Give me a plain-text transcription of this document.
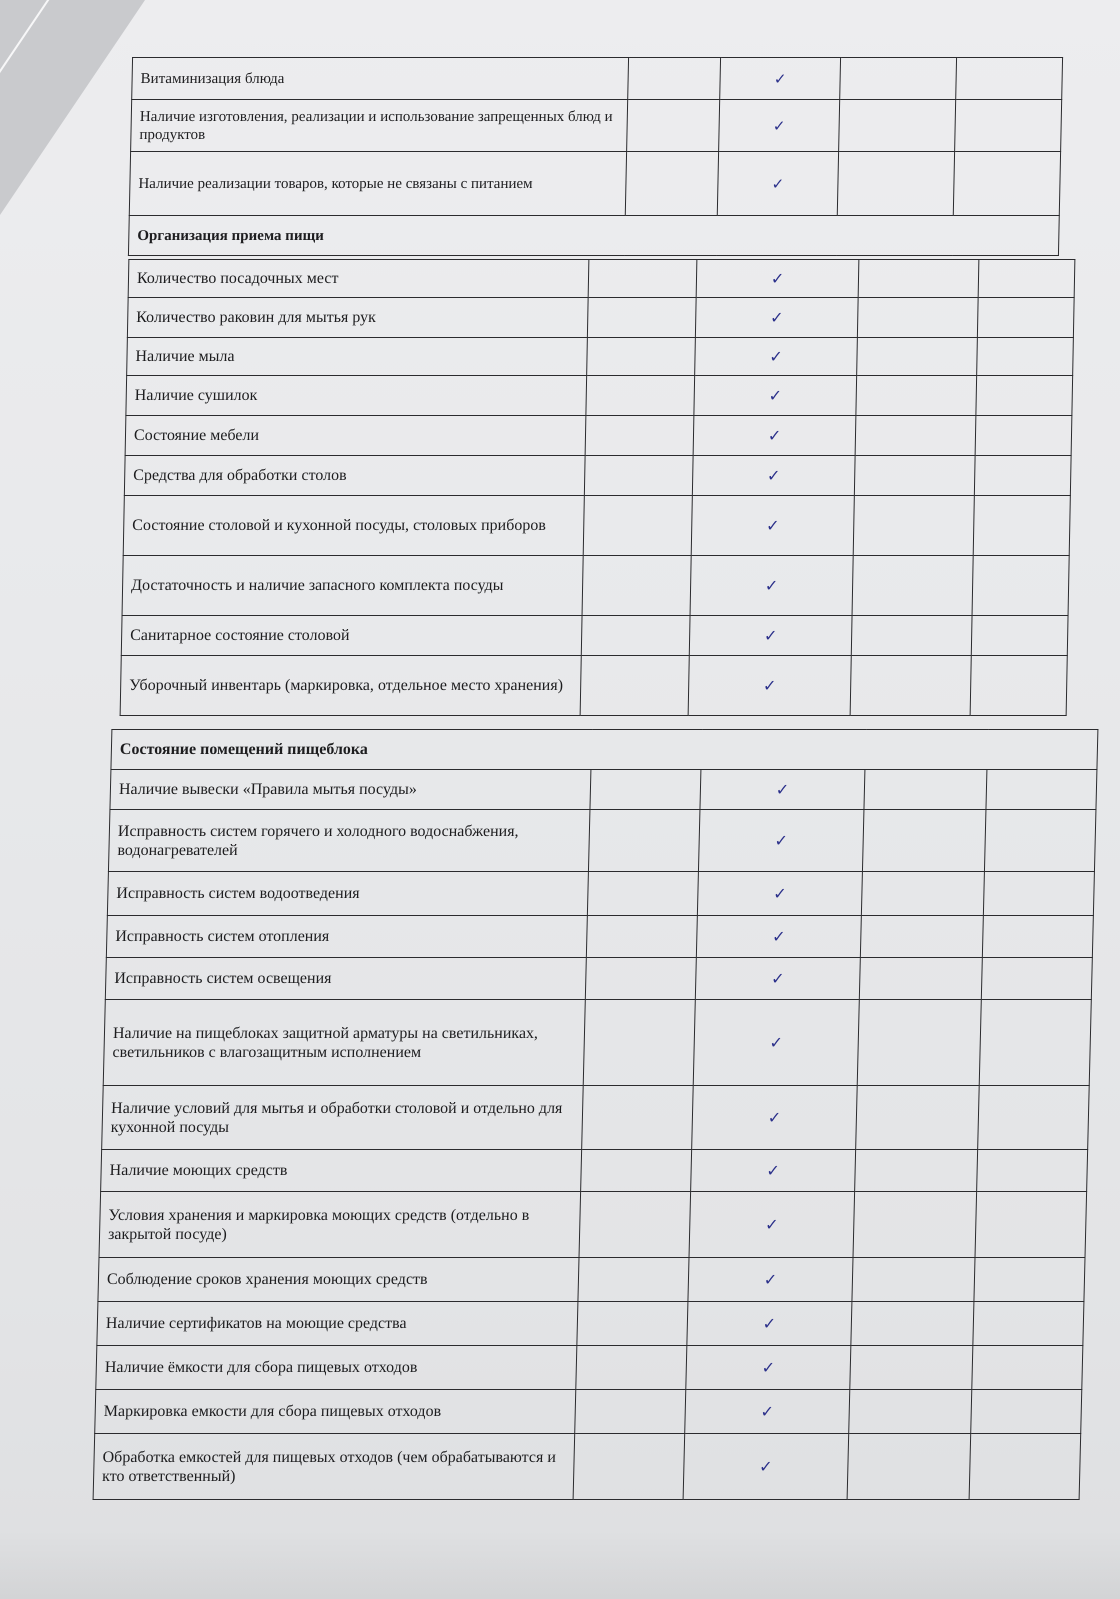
Витаминизация блюда		✓		
Наличие изготовления, реализации и использование запрещенных блюд и продуктов		✓		
Наличие реализации товаров, которые не связаны с питанием		✓		
Организация приема пищи				
Количество посадочных мест		✓		
Количество раковин для мытья рук		✓		
Наличие мыла		✓		
Наличие сушилок		✓		
Состояние мебели		✓		
Средства для обработки столов		✓		
Состояние столовой и кухонной посуды, столовых приборов		✓		
Достаточность и наличие запасного комплекта посуды		✓		
Санитарное состояние столовой		✓		
Уборочный инвентарь (маркировка, отдельное место хранения)		✓		
Состояние помещений пищеблока				
Наличие вывески «Правила мытья посуды»		✓		
Исправность систем горячего и холодного водоснабжения, водонагревателей		✓		
Исправность систем водоотведения		✓		
Исправность систем отопления		✓		
Исправность систем освещения		✓		
Наличие на пищеблоках защитной арматуры на светильниках, светильников с влагозащитным исполнением		✓		
Наличие условий для мытья и обработки столовой и отдельно для кухонной посуды		✓		
Наличие моющих средств		✓		
Условия хранения и маркировка моющих средств (отдельно в закрытой посуде)		✓		
Соблюдение сроков хранения моющих средств		✓		
Наличие сертификатов на моющие средства		✓		
Наличие ёмкости для сбора пищевых отходов		✓		
Маркировка емкости для сбора пищевых отходов		✓		
Обработка емкостей для пищевых отходов (чем обрабатываются и кто ответственный)		✓		
